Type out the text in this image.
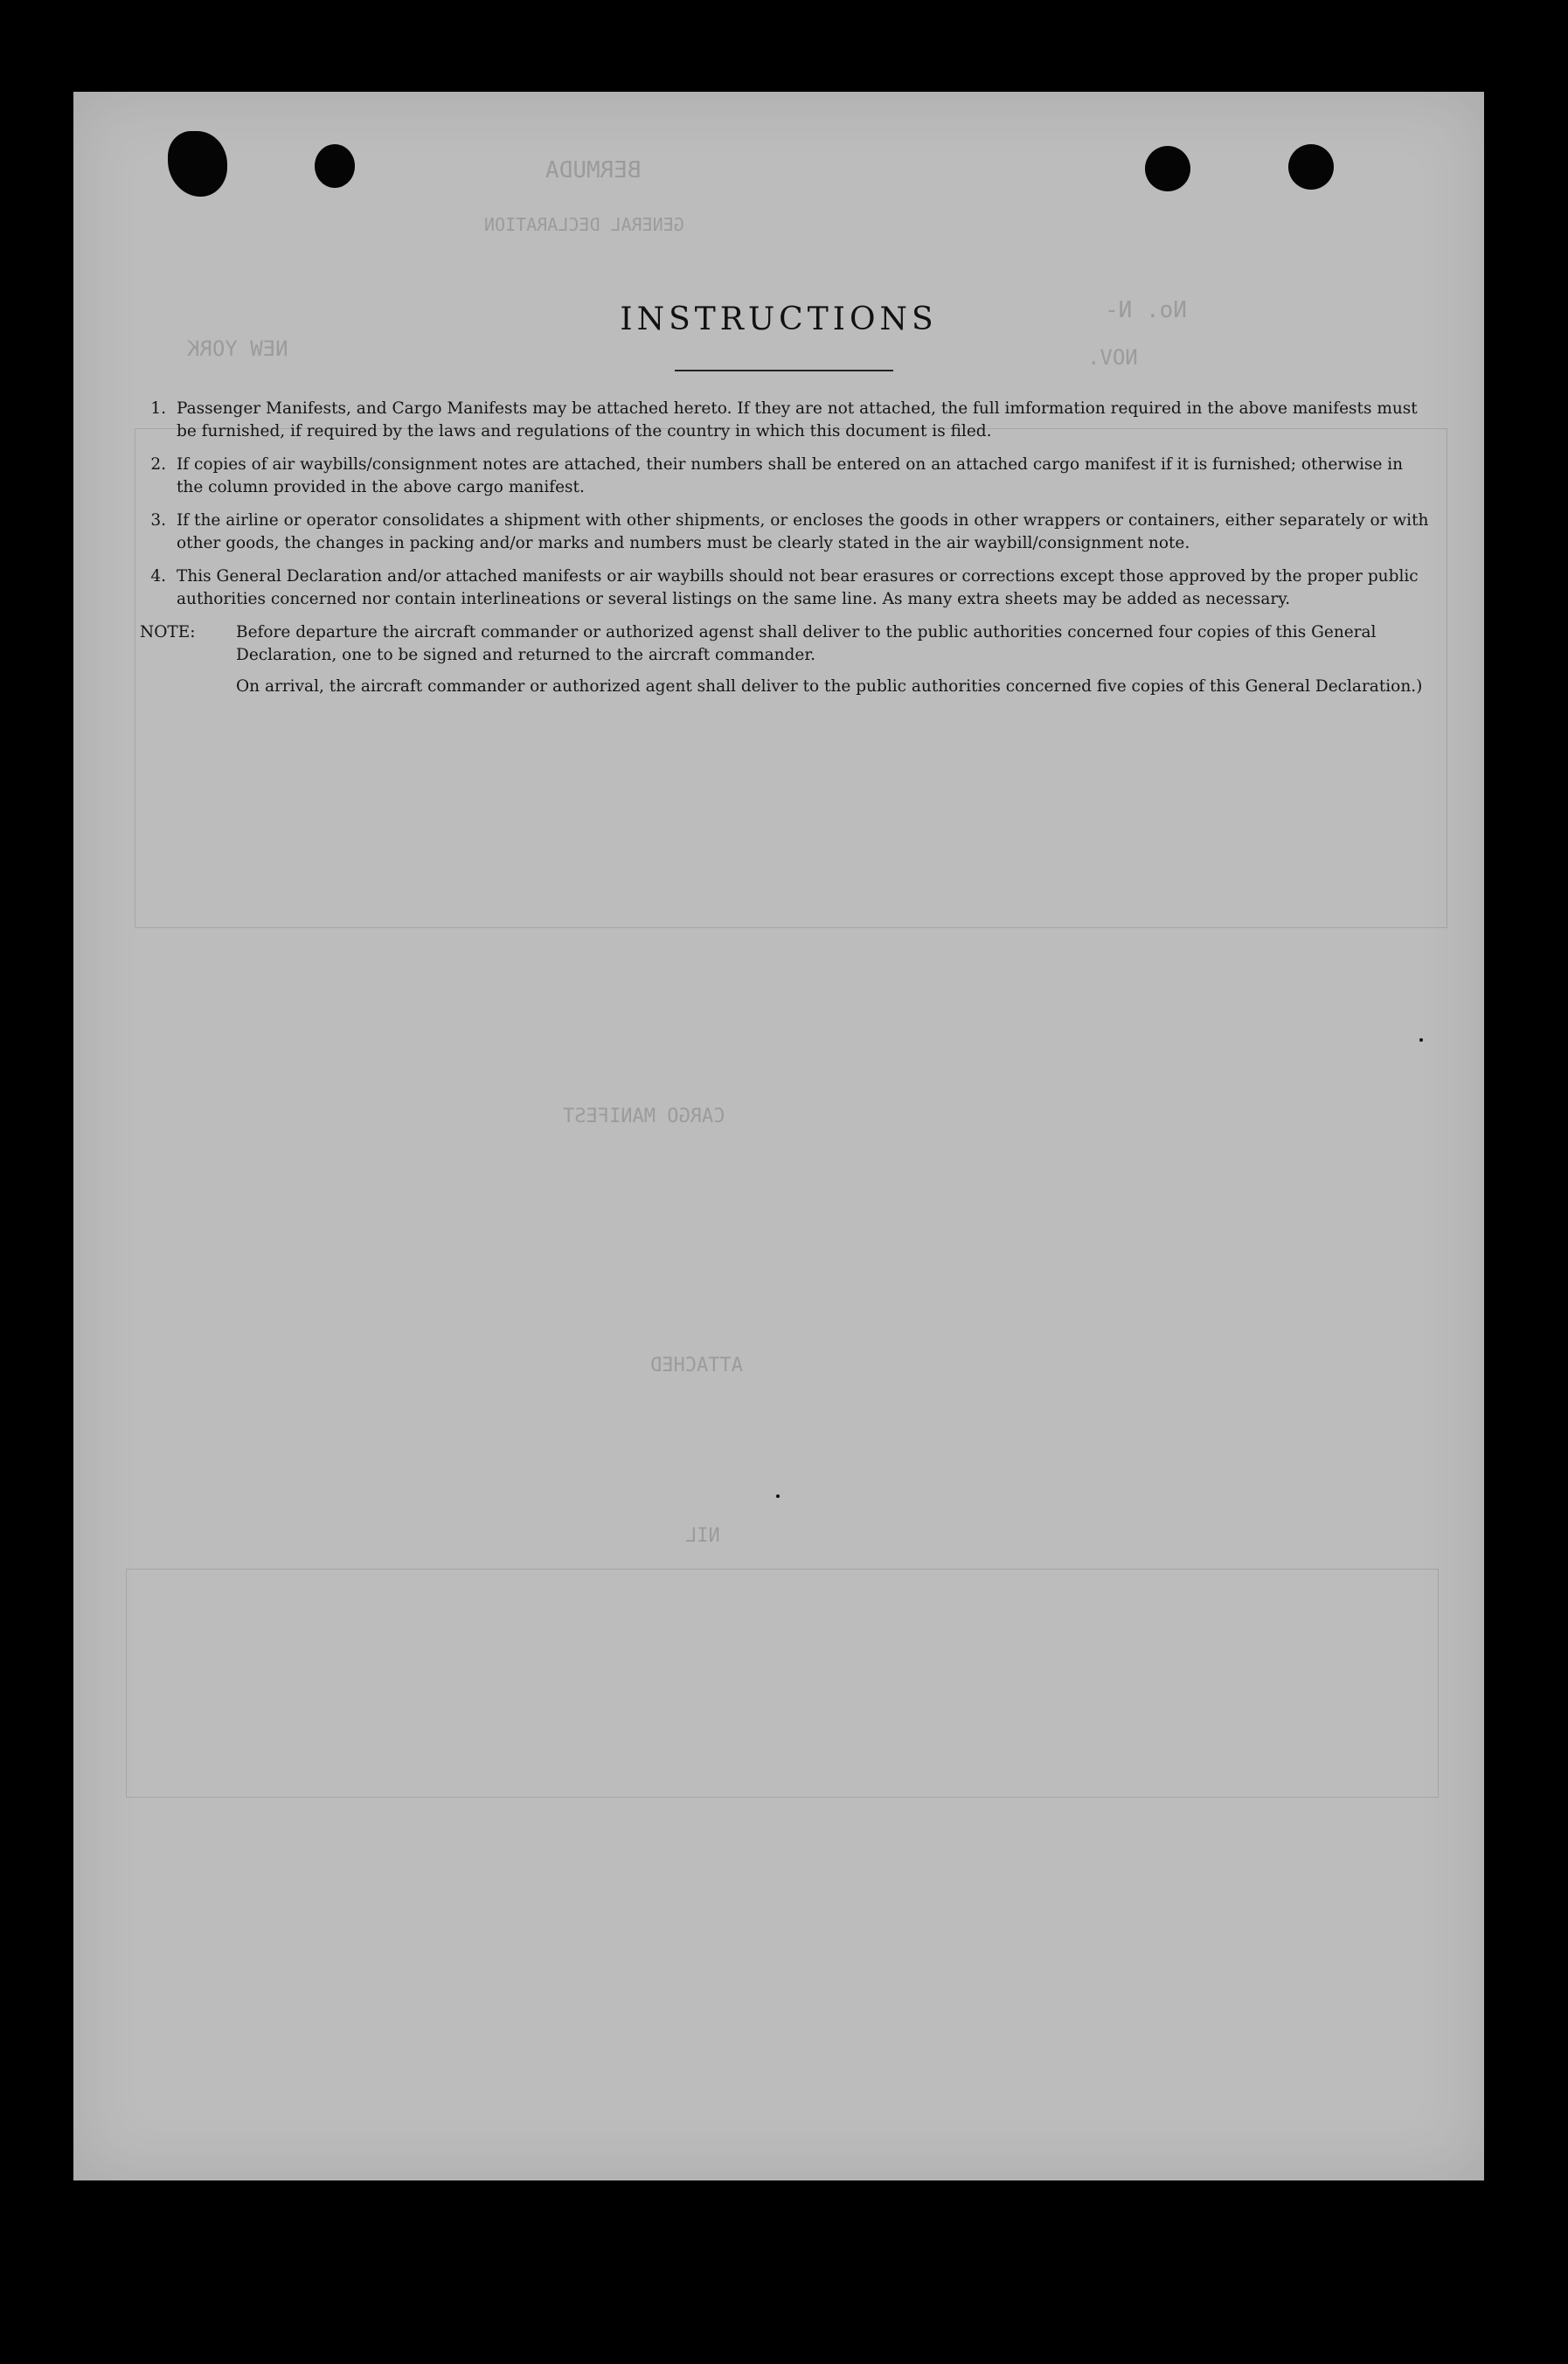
BERMUDA
GENERAL DECLARATION
No. N-
NOV.
NEW YORK
CARGO MANIFEST
ATTACHED
NIL
INSTRUCTIONS
1. Passenger Manifests, and Cargo Manifests may be attached hereto. If they are not attached, the full imformation required in the above manifests must be furnished, if required by the laws and regulations of the country in which this document is filed.
2. If copies of air waybills/consignment notes are attached, their numbers shall be entered on an attached cargo manifest if it is furnished; otherwise in the column provided in the above cargo manifest.
3. If the airline or operator consolidates a shipment with other shipments, or encloses the goods in other wrappers or containers, either separately or with other goods, the changes in packing and/or marks and numbers must be clearly stated in the air waybill/consignment note.
4. This General Declaration and/or attached manifests or air waybills should not bear erasures or corrections except those approved by the proper public authorities concerned nor contain interlineations or several listings on the same line. As many extra sheets may be added as necessary.
NOTE:	Before departure the aircraft commander or authorized agenst shall deliver to the public authorities concerned four copies of this General Declaration, one to be signed and returned to the aircraft commander.
On arrival, the aircraft commander or authorized agent shall deliver to the public authorities concerned five copies of this General Declaration.)
